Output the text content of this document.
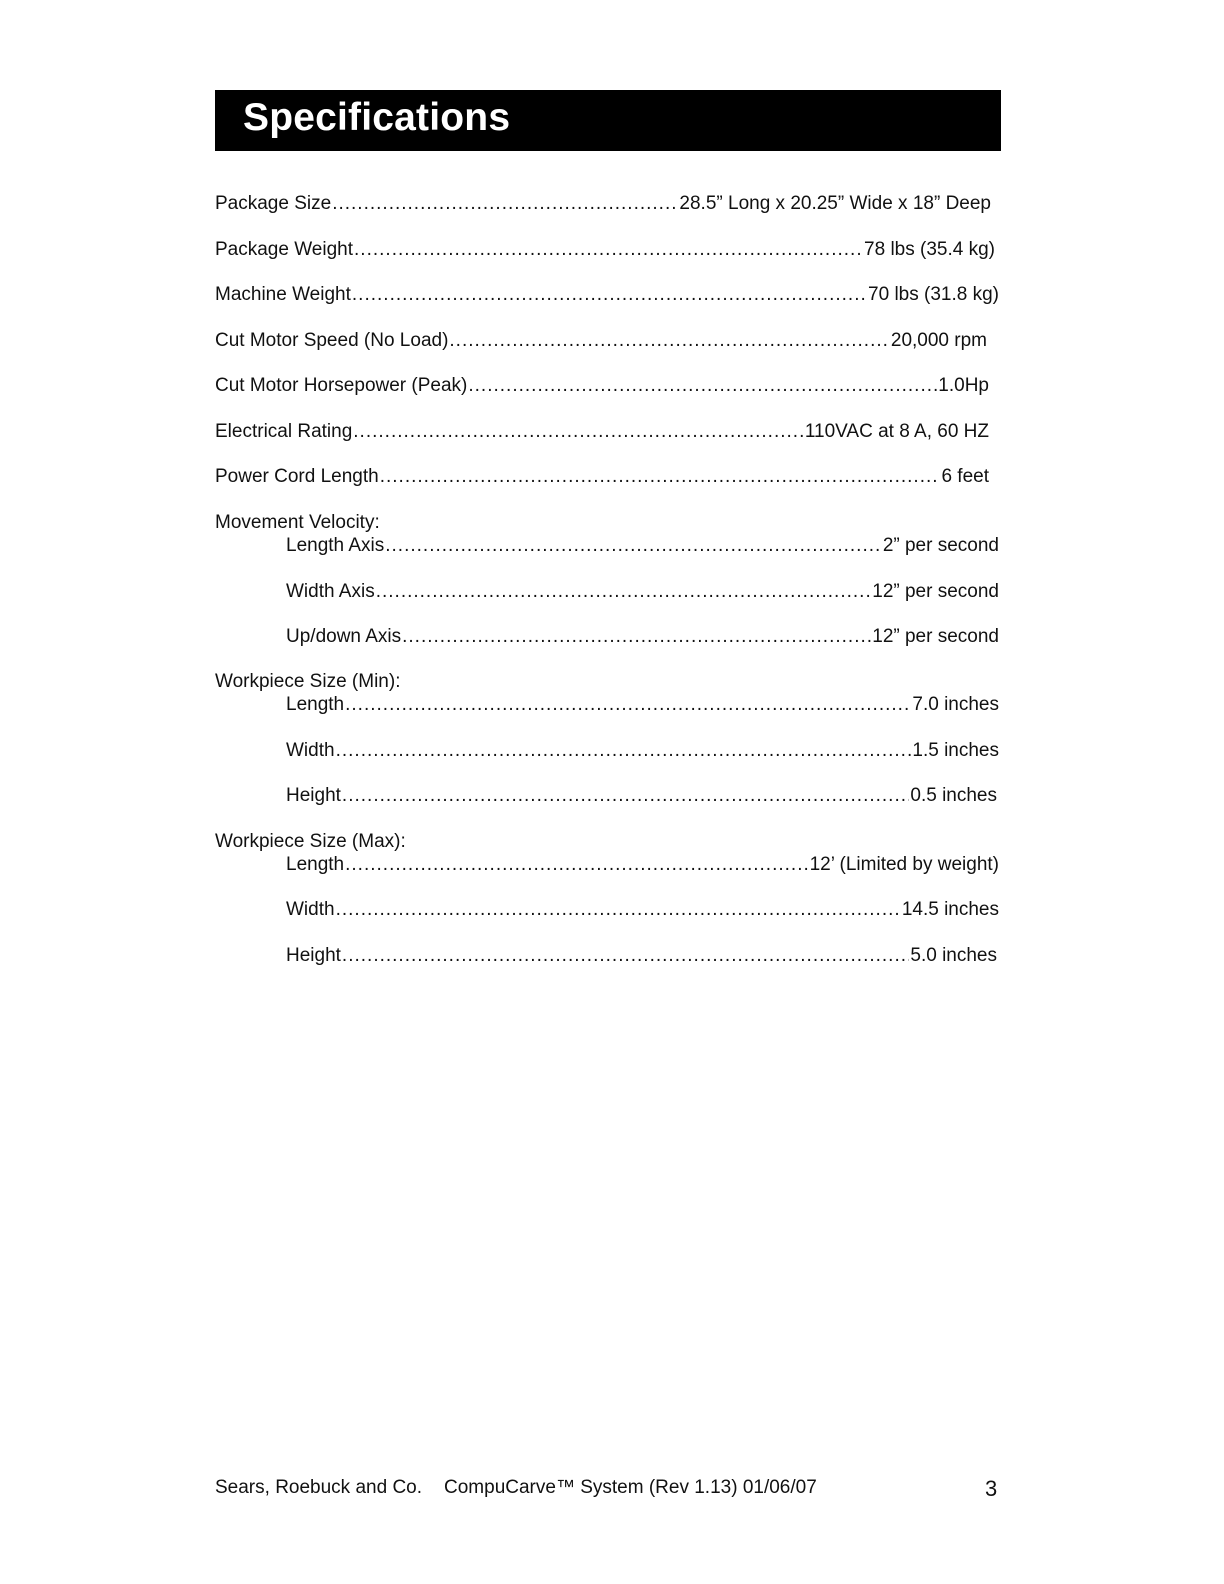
Specifications
Package Size .....	28.5” Long x 20.25” Wide x 18” Deep
Package Weight .....	78 lbs (35.4 kg)
Machine Weight .....	70 lbs (31.8 kg)
Cut Motor Speed (No Load) .....	20,000 rpm
Cut Motor Horsepower (Peak) .....	1.0Hp
Electrical Rating .....	110VAC at 8 A, 60 HZ
Power Cord Length .....	6 feet
Movement Velocity:
Length Axis .....	2” per second
Width Axis .....	12” per second
Up/down Axis .....	12” per second
Workpiece Size (Min):
Length .....	7.0 inches
Width .....	1.5 inches
Height .....	0.5 inches
Workpiece Size (Max):
Length .....	12’ (Limited by weight)
Width .....	14.5 inches
Height .....	5.0 inches
Sears, Roebuck and Co. CompuCarve™ System (Rev 1.13) 01/06/07	3
